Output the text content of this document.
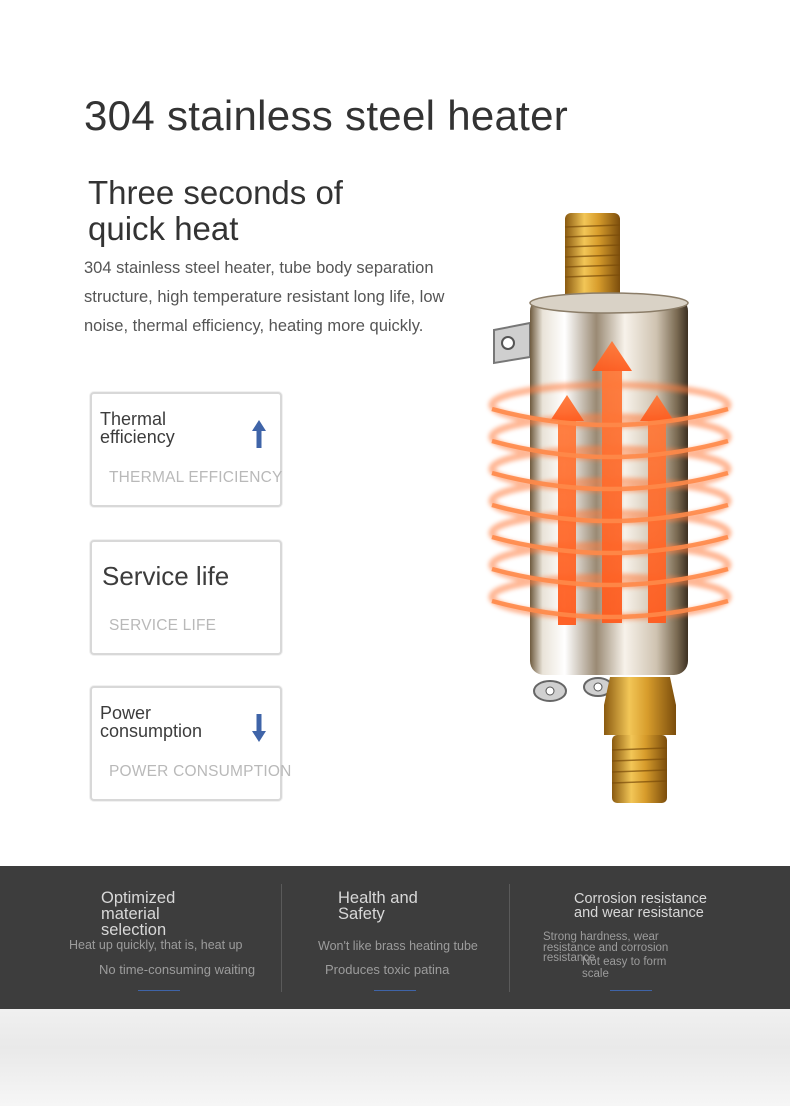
304 stainless steel heater
Three seconds of
quick heat
304 stainless steel heater, tube body separation structure, high temperature resistant long life, low noise, thermal efficiency, heating more quickly.
Thermal efficiency
THERMAL EFFICIENCY
Service life
SERVICE LIFE
Power consumption
POWER CONSUMPTION
Optimized material selection
Heat up quickly, that is, heat up
No time-consuming waiting
Health and Safety
Won't like brass heating tube
Produces toxic patina
Corrosion resistance and wear resistance
Strong hardness, wear resistance and corrosion resistance
Not easy to form scale
